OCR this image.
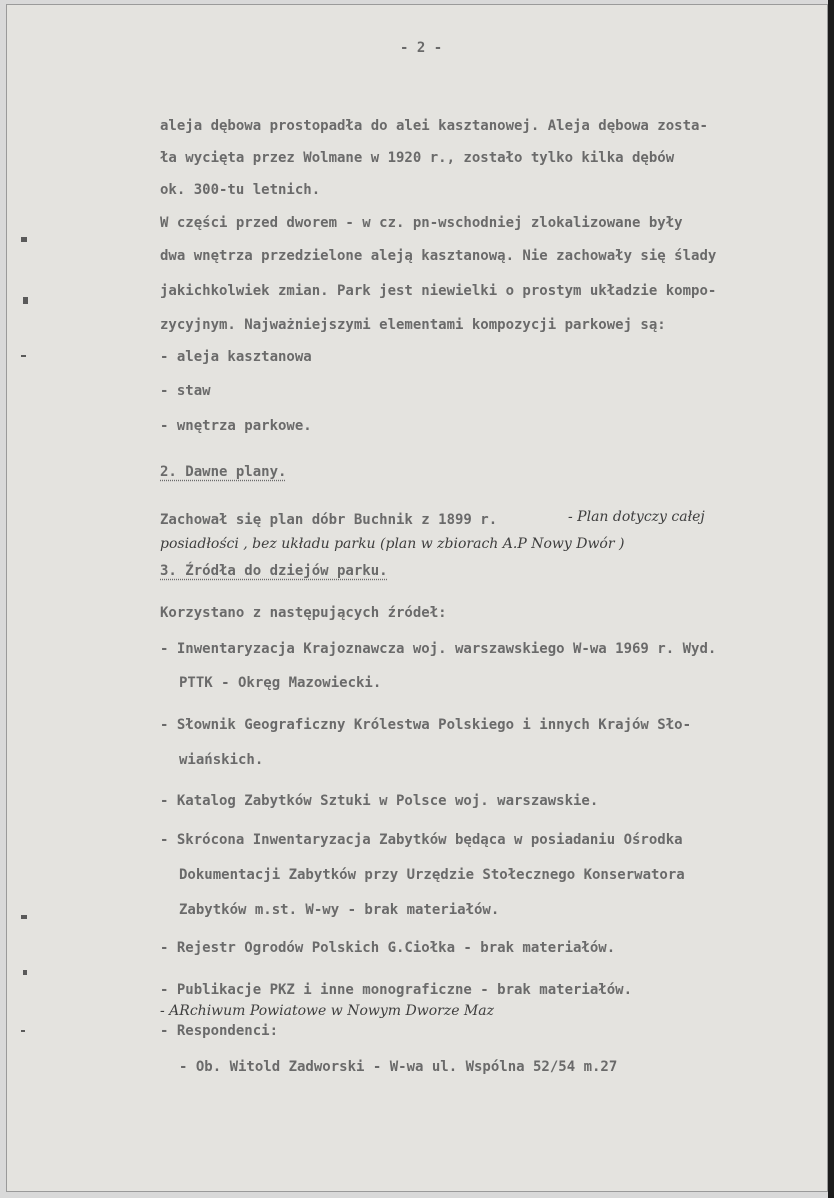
- 2 -

aleja dębowa prostopadła do alei kasztanowej. Aleja dębowa zosta-

ła wycięta przez Wolmane w 1920 r., zostało tylko kilka dębów

ok. 300-tu letnich.

W części przed dworem - w cz. pn-wschodniej zlokalizowane były

dwa wnętrza przedzielone aleją kasztanową. Nie zachowały się ślady

jakichkolwiek zmian. Park jest niewielki o prostym układzie kompo-

zycyjnym. Najważniejszymi elementami kompozycji parkowej są:

- aleja kasztanowa

- staw

- wnętrza parkowe.

2. Dawne plany.

Zachował się plan dóbr Buchnik z 1899 r.	- Plan dotyczy całej

posiadłości , bez układu parku (plan w zbiorach A.P Nowy Dwór )

3. Źródła do dziejów parku.

Korzystano z następujących źródeł:

- Inwentaryzacja Krajoznawcza woj. warszawskiego W-wa 1969 r. Wyd.

PTTK - Okręg Mazowiecki.

- Słownik Geograficzny Królestwa Polskiego i innych Krajów Sło-

wiańskich.

- Katalog Zabytków Sztuki w Polsce woj. warszawskie.

- Skrócona Inwentaryzacja Zabytków będąca w posiadaniu Ośrodka

Dokumentacji Zabytków przy Urzędzie Stołecznego Konserwatora

Zabytków m.st. W-wy - brak materiałów.

- Rejestr Ogrodów Polskich G.Ciołka - brak materiałów.

- Publikacje PKZ i inne monograficzne - brak materiałów.

- ARchiwum Powiatowe w Nowym Dworze Maz

- Respondenci:

- Ob. Witold Zadworski - W-wa ul. Wspólna 52/54 m.27
